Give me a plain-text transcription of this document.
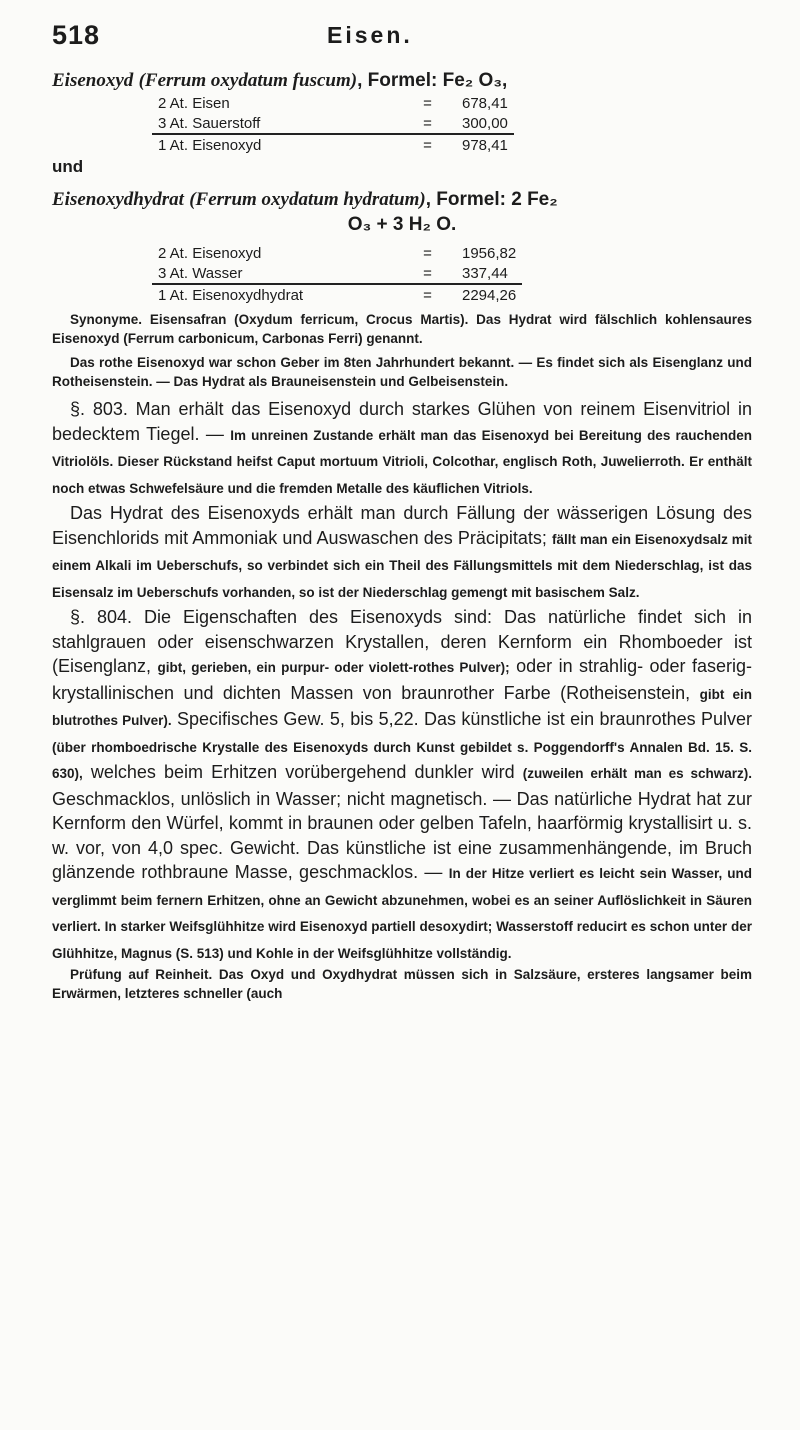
518	Eisen.
Eisenoxyd (Ferrum oxydatum fuscum), Formel: Fe₂ O₃,
2 At. Eisen	=	678,41
3 At. Sauerstoff	=	300,00
1 At. Eisenoxyd	=	978,41
und
Eisenoxydhydrat (Ferrum oxydatum hydratum), Formel: 2 Fe₂
O₃ + 3 H₂ O.
2 At. Eisenoxyd	=	1956,82
3 At. Wasser	=	337,44
1 At. Eisenoxydhydrat	=	2294,26

Synonyme. Eisensafran (Oxydum ferricum, Crocus Martis). Das Hydrat wird fälschlich kohlensaures Eisenoxyd (Ferrum carbonicum, Carbonas Ferri) genannt.

Das rothe Eisenoxyd war schon Geber im 8ten Jahrhundert bekannt. — Es findet sich als Eisenglanz und Rotheisenstein. — Das Hydrat als Brauneisenstein und Gelbeisenstein.

§. 803. Man erhält das Eisenoxyd durch starkes Glühen von reinem Eisenvitriol in bedecktem Tiegel. — Im unreinen Zustande erhält man das Eisenoxyd bei Bereitung des rauchenden Vitriolöls. Dieser Rückstand heifst Caput mortuum Vitrioli, Colcothar, englisch Roth, Juwelierroth. Er enthält noch etwas Schwefelsäure und die fremden Metalle des käuflichen Vitriols.

Das Hydrat des Eisenoxyds erhält man durch Fällung der wässerigen Lösung des Eisenchlorids mit Ammoniak und Auswaschen des Präcipitats; fällt man ein Eisenoxydsalz mit einem Alkali im Ueberschufs, so verbindet sich ein Theil des Fällungsmittels mit dem Niederschlag, ist das Eisensalz im Ueberschufs vorhanden, so ist der Niederschlag gemengt mit basischem Salz.

§. 804. Die Eigenschaften des Eisenoxyds sind: Das natürliche findet sich in stahlgrauen oder eisenschwarzen Krystallen, deren Kernform ein Rhomboeder ist (Eisenglanz, gibt, gerieben, ein purpur- oder violett-rothes Pulver); oder in strahlig- oder faserig-krystallinischen und dichten Massen von braunrother Farbe (Rotheisenstein, gibt ein blutrothes Pulver). Specifisches Gew. 5, bis 5,22. Das künstliche ist ein braunrothes Pulver (über rhomboedrische Krystalle des Eisenoxyds durch Kunst gebildet s. Poggendorff's Annalen Bd. 15. S. 630), welches beim Erhitzen vorübergehend dunkler wird (zuweilen erhält man es schwarz). Geschmacklos, unlöslich in Wasser; nicht magnetisch. — Das natürliche Hydrat hat zur Kernform den Würfel, kommt in braunen oder gelben Tafeln, haarförmig krystallisirt u. s. w. vor, von 4,0 spec. Gewicht. Das künstliche ist eine zusammenhängende, im Bruch glänzende rothbraune Masse, geschmacklos. — In der Hitze verliert es leicht sein Wasser, und verglimmt beim fernern Erhitzen, ohne an Gewicht abzunehmen, wobei es an seiner Auflöslichkeit in Säuren verliert. In starker Weifsglühhitze wird Eisenoxyd partiell desoxydirt; Wasserstoff reducirt es schon unter der Glühhitze, Magnus (S. 513) und Kohle in der Weifsglühhitze vollständig.

Prüfung auf Reinheit. Das Oxyd und Oxydhydrat müssen sich in Salzsäure, ersteres langsamer beim Erwärmen, letzteres schneller (auch
